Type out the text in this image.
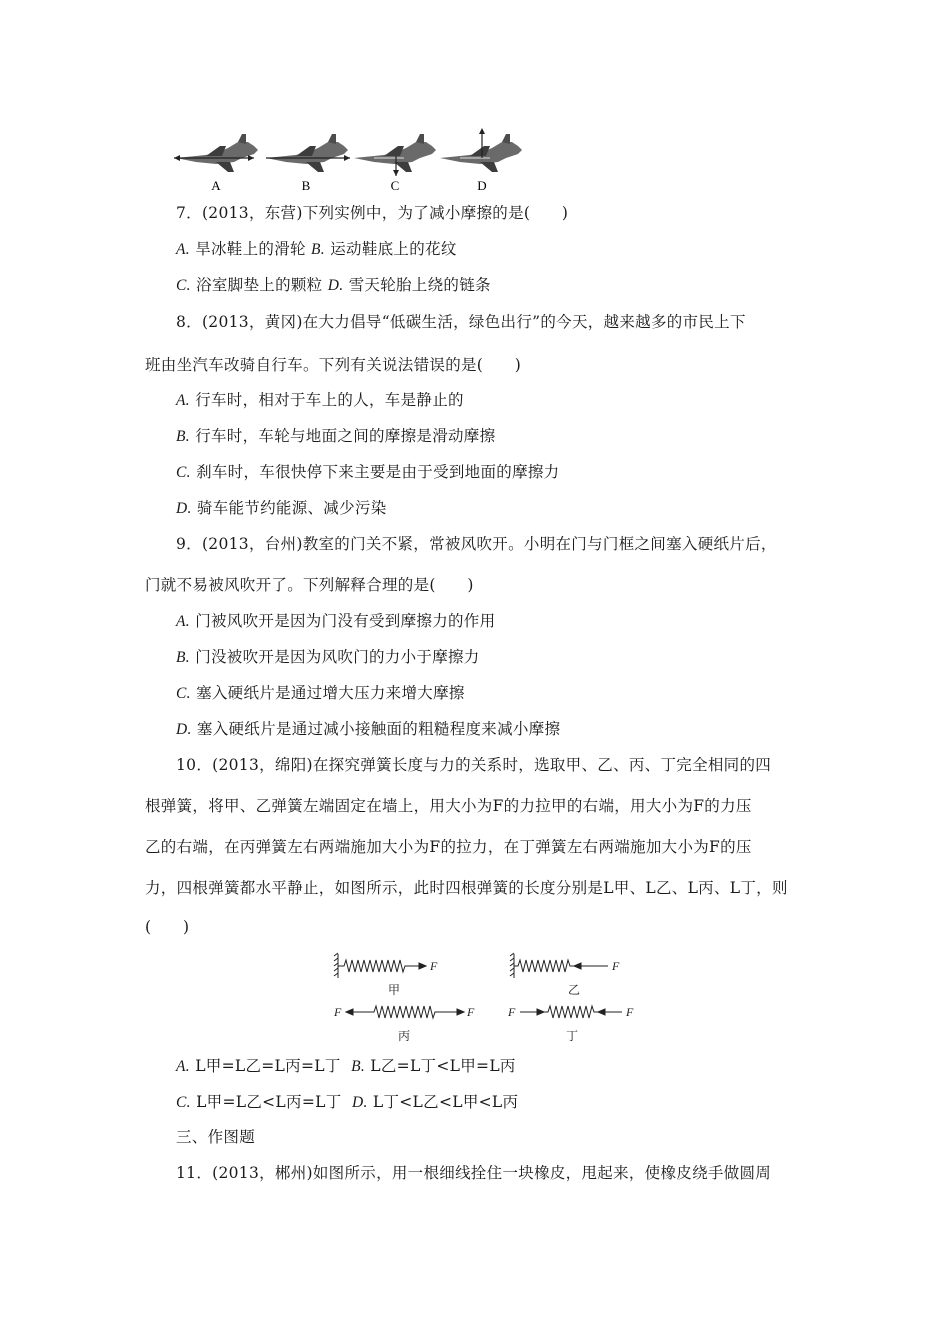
A	B	C	D
7．(2013，东营)下列实例中，为了减小摩擦的是(　　)
A. 旱冰鞋上的滑轮 B. 运动鞋底上的花纹
C. 浴室脚垫上的颗粒 D. 雪天轮胎上绕的链条
8．(2013，黄冈)在大力倡导“低碳生活，绿色出行”的今天，越来越多的市民上下
班由坐汽车改骑自行车。下列有关说法错误的是(　　)
A. 行车时，相对于车上的人，车是静止的
B. 行车时，车轮与地面之间的摩擦是滑动摩擦
C. 刹车时，车很快停下来主要是由于受到地面的摩擦力
D. 骑车能节约能源、减少污染
9．(2013，台州)教室的门关不紧，常被风吹开。小明在门与门框之间塞入硬纸片后，
门就不易被风吹开了。下列解释合理的是(　　)
A. 门被风吹开是因为门没有受到摩擦力的作用
B. 门没被吹开是因为风吹门的力小于摩擦力
C. 塞入硬纸片是通过增大压力来增大摩擦
D. 塞入硬纸片是通过减小接触面的粗糙程度来减小摩擦
10．(2013，绵阳)在探究弹簧长度与力的关系时，选取甲、乙、丙、丁完全相同的四
根弹簧，将甲、乙弹簧左端固定在墙上，用大小为F的力拉甲的右端，用大小为F的力压
乙的右端，在丙弹簧左右两端施加大小为F的拉力，在丁弹簧左右两端施加大小为F的压
力，四根弹簧都水平静止，如图所示，此时四根弹簧的长度分别是L甲、L乙、L丙、L丁，则
(　　)
F	F
F	F	F	F
甲	乙
丙	丁
A. L甲=L乙=L丙=L丁 B. L乙=L丁<L甲=L丙
C. L甲=L乙<L丙=L丁 D. L丁<L乙<L甲<L丙
三、作图题
11．(2013，郴州)如图所示，用一根细线拴住一块橡皮，甩起来，使橡皮绕手做圆周
